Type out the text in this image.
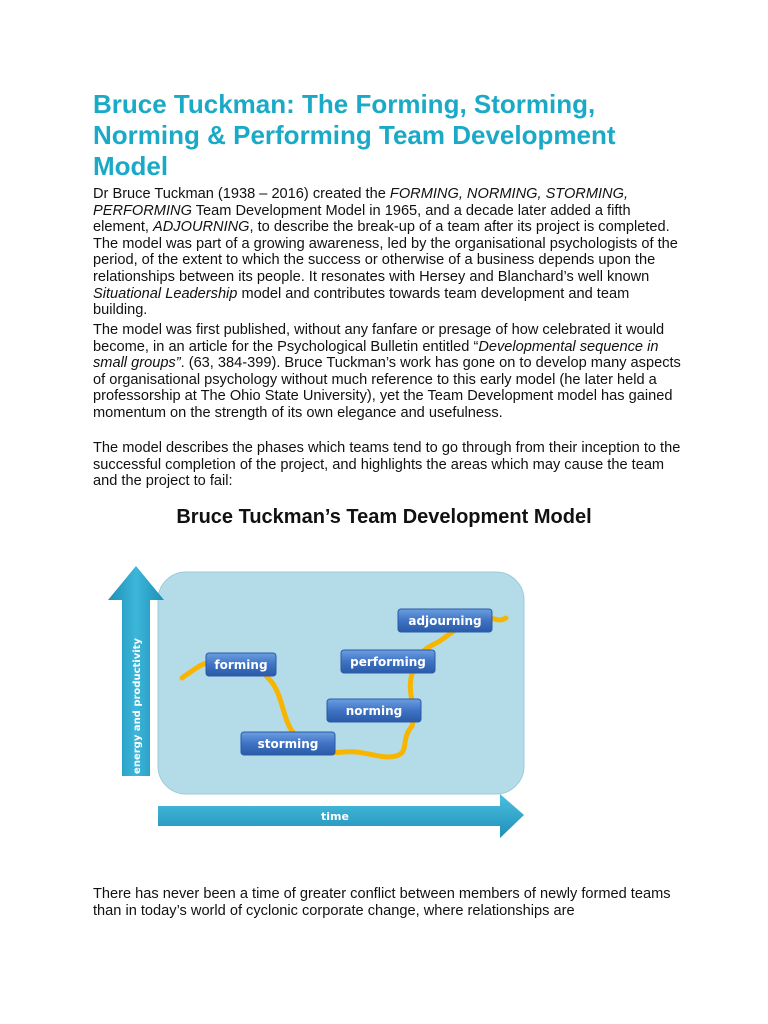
Bruce Tuckman: The Forming, Storming, Norming & Performing Team Development Model
Dr Bruce Tuckman (1938 – 2016) created the FORMING, NORMING, STORMING, PERFORMING Team Development Model in 1965, and a decade later added a fifth element, ADJOURNING, to describe the break-up of a team after its project is completed. The model was part of a growing awareness, led by the organisational psychologists of the period, of the extent to which the success or otherwise of a business depends upon the relationships between its people. It resonates with Hersey and Blanchard’s well known Situational Leadership model and contributes towards team development and team building.
The model was first published, without any fanfare or presage of how celebrated it would become, in an article for the Psychological Bulletin entitled “Developmental sequence in small groups”. (63, 384-399). Bruce Tuckman’s work has gone on to develop many aspects of organisational psychology without much reference to this early model (he later held a professorship at The Ohio State University), yet the Team Development model has gained momentum on the strength of its own elegance and usefulness.
The model describes the phases which teams tend to go through from their inception to the successful completion of the project, and highlights the areas which may cause the team and the project to fail:
Bruce Tuckman’s Team Development Model
energy and productivity
time
forming
storming
norming
performing
adjourning
There has never been a time of greater conflict between members of newly formed teams than in today’s world of cyclonic corporate change, where relationships are
